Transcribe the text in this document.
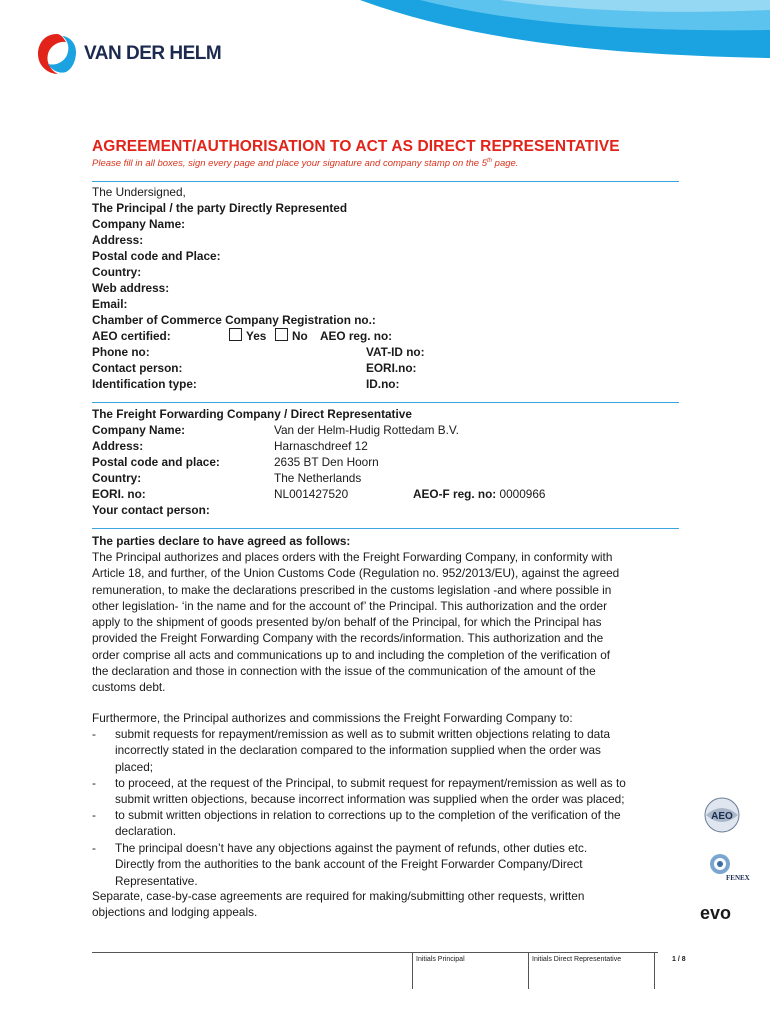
VAN DER HELM
AGREEMENT/AUTHORISATION TO ACT AS DIRECT REPRESENTATIVE
Please fill in all boxes, sign every page and place your signature and company stamp on the 5th page.
The Undersigned,
The Principal / the party Directly Represented
Company Name:
Address:
Postal code and Place:
Country:
Web address:
Email:
Chamber of Commerce Company Registration no.:
AEO certified:	Yes	No AEO reg. no:
Phone no:	VAT-ID no:
Contact person:	EORI.no:
Identification type:	ID.no:
The Freight Forwarding Company / Direct Representative
Company Name:	Van der Helm-Hudig Rottedam B.V.
Address:	Harnaschdreef 12
Postal code and place:	2635 BT Den Hoorn
Country:	The Netherlands
EORI. no:	NL001427520	AEO-F reg. no: 0000966
Your contact person:
The parties declare to have agreed as follows:
The Principal authorizes and places orders with the Freight Forwarding Company, in conformity with
Article 18, and further, of the Union Customs Code (Regulation no. 952/2013/EU), against the agreed
remuneration, to make the declarations prescribed in the customs legislation -and where possible in
other legislation- ‘in the name and for the account of’ the Principal. This authorization and the order
apply to the shipment of goods presented by/on behalf of the Principal, for which the Principal has
provided the Freight Forwarding Company with the records/information. This authorization and the
order comprise all acts and communications up to and including the completion of the verification of
the declaration and those in connection with the issue of the communication of the amount of the
customs debt.
Furthermore, the Principal authorizes and commissions the Freight Forwarding Company to:
- submit requests for repayment/remission as well as to submit written objections relating to data
incorrectly stated in the declaration compared to the information supplied when the order was
placed;
- to proceed, at the request of the Principal, to submit request for repayment/remission as well as to
submit written objections, because incorrect information was supplied when the order was placed;
- to submit written objections in relation to corrections up to the completion of the verification of the
declaration.
- The principal doesn’t have any objections against the payment of refunds, other duties etc.
Directly from the authorities to the bank account of the Freight Forwarder Company/Direct
Representative.
Separate, case-by-case agreements are required for making/submitting other requests, written
objections and lodging appeals.
AEO
FENEX
evo
Initials Principal	Initials Direct Representative	1 / 8
